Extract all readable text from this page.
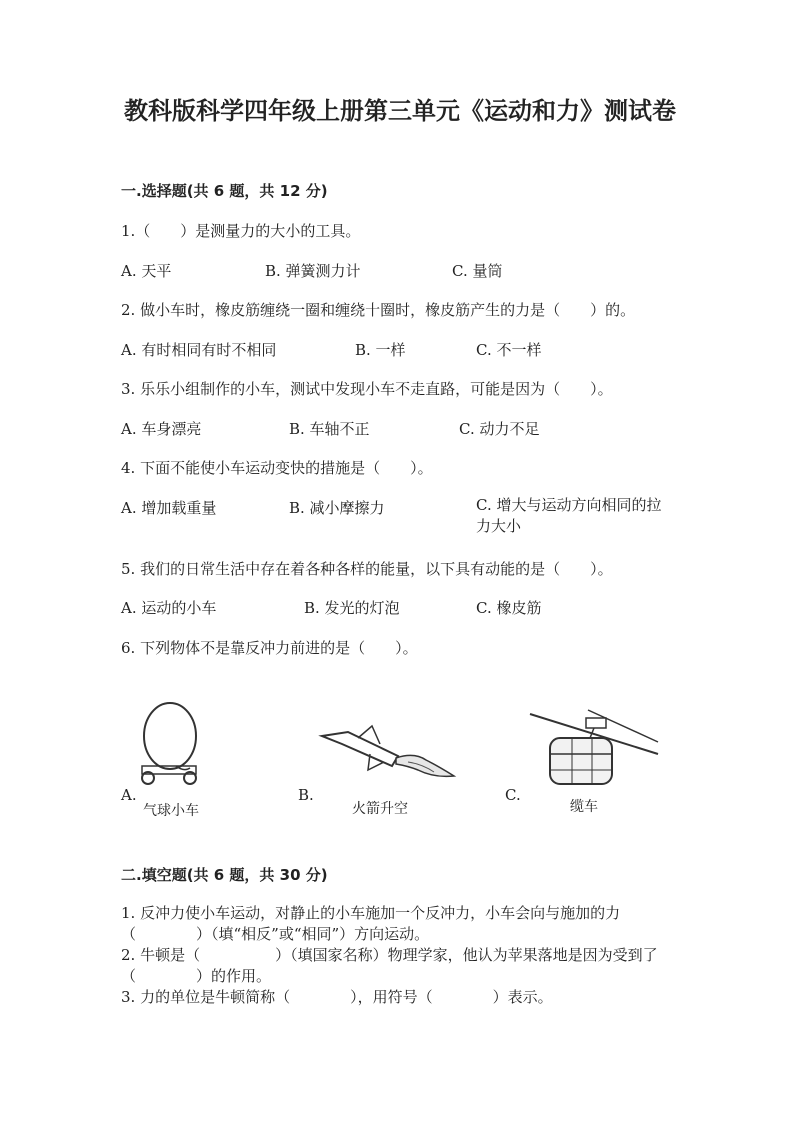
教科版科学四年级上册第三单元《运动和力》测试卷
一.选择题(共 6 题，共 12 分)
1.（　　）是测量力的大小的工具。
A. 天平	B. 弹簧测力计	C. 量筒
2. 做小车时，橡皮筋缠绕一圈和缠绕十圈时，橡皮筋产生的力是（　　）的。
A. 有时相同有时不相同	B. 一样	C. 不一样
3. 乐乐小组制作的小车，测试中发现小车不走直路，可能是因为（　　）。
A. 车身漂亮	B. 车轴不正	C. 动力不足
4. 下面不能使小车运动变快的措施是（　　）。
A. 增加载重量	B. 减小摩擦力	C. 增大与运动方向相同的拉力大小
5. 我们的日常生活中存在着各种各样的能量，以下具有动能的是（　　）。
A. 运动的小车	B. 发光的灯泡	C. 橡皮筋
6. 下列物体不是靠反冲力前进的是（　　）。
A.
气球小车
B.
火箭升空
C.
缆车
二.填空题(共 6 题，共 30 分)
1. 反冲力使小车运动，对静止的小车施加一个反冲力，小车会向与施加的力（　　　　）（填“相反”或“相同”）方向运动。
2. 牛顿是（　　　　　）（填国家名称）物理学家，他认为苹果落地是因为受到了（　　　　）的作用。
3. 力的单位是牛顿简称（　　　　），用符号（　　　　）表示。
